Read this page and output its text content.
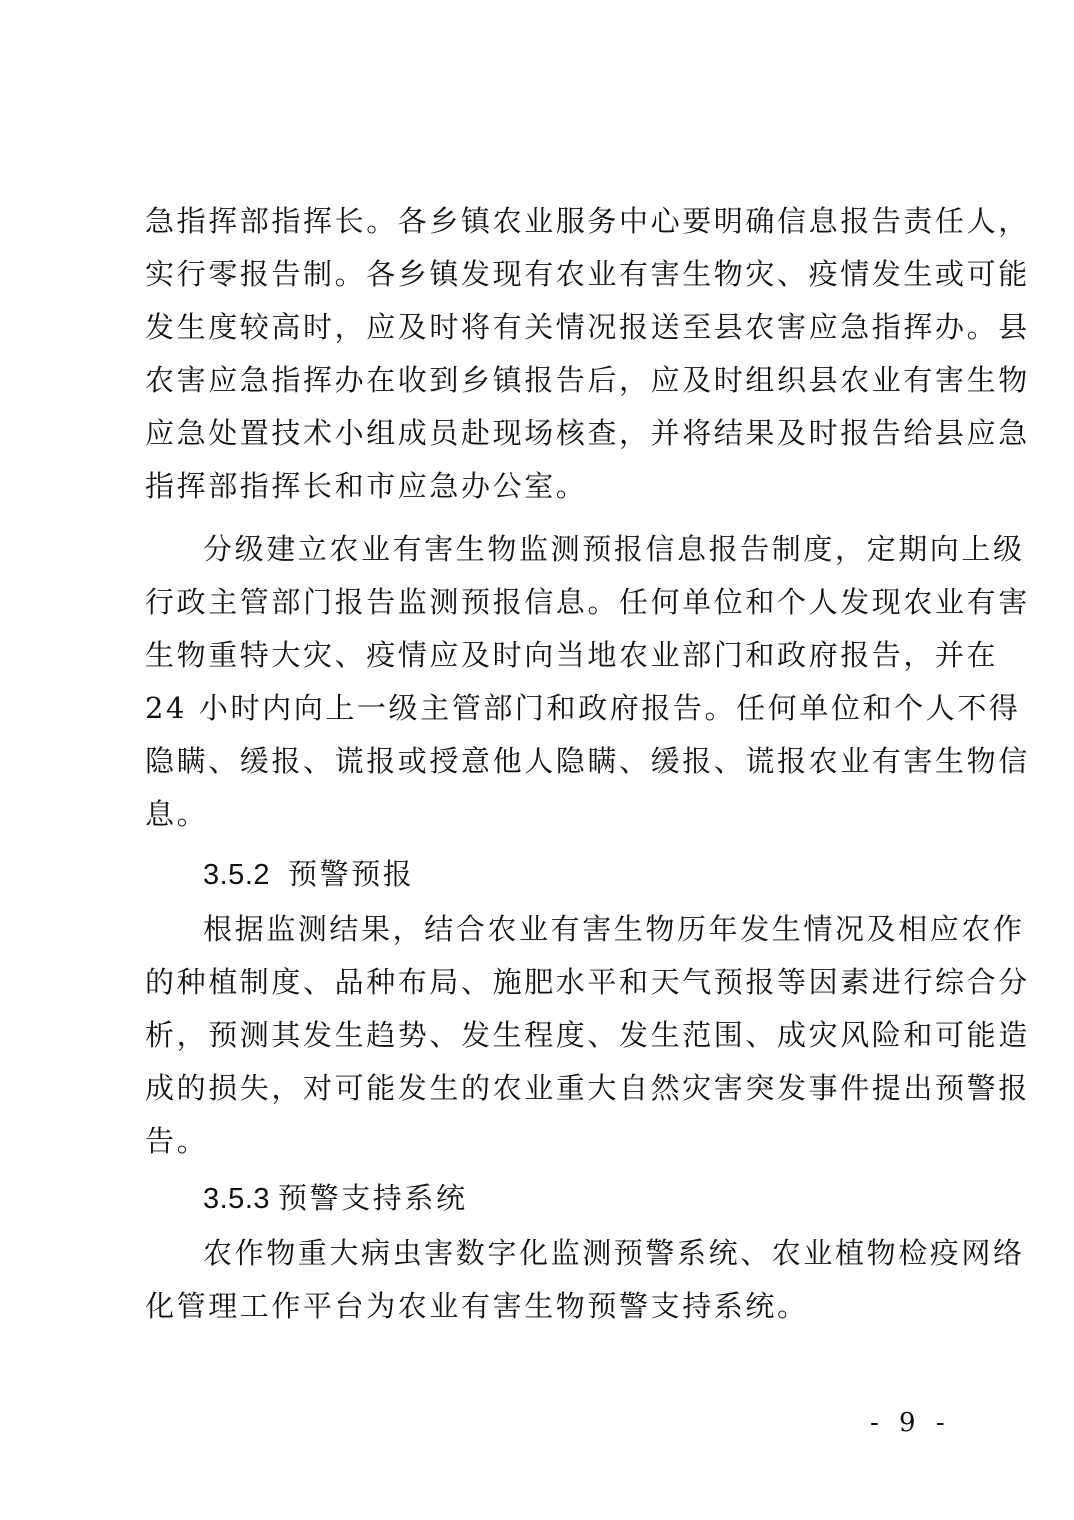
急指挥部指挥长。各乡镇农业服务中心要明确信息报告责任人，
实行零报告制。各乡镇发现有农业有害生物灾、疫情发生或可能
发生度较高时，应及时将有关情况报送至县农害应急指挥办。县
农害应急指挥办在收到乡镇报告后，应及时组织县农业有害生物
应急处置技术小组成员赴现场核查，并将结果及时报告给县应急
指挥部指挥长和市应急办公室。
分级建立农业有害生物监测预报信息报告制度，定期向上级
行政主管部门报告监测预报信息。任何单位和个人发现农业有害
生物重特大灾、疫情应及时向当地农业部门和政府报告，并在
24 小时内向上一级主管部门和政府报告。任何单位和个人不得
隐瞒、缓报、谎报或授意他人隐瞒、缓报、谎报农业有害生物信
息。
3.5.2 预警预报
根据监测结果，结合农业有害生物历年发生情况及相应农作
的种植制度、品种布局、施肥水平和天气预报等因素进行综合分
析，预测其发生趋势、发生程度、发生范围、成灾风险和可能造
成的损失，对可能发生的农业重大自然灾害突发事件提出预警报
告。
3.5.3 预警支持系统
农作物重大病虫害数字化监测预警系统、农业植物检疫网络
化管理工作平台为农业有害生物预警支持系统。
- 9 -
